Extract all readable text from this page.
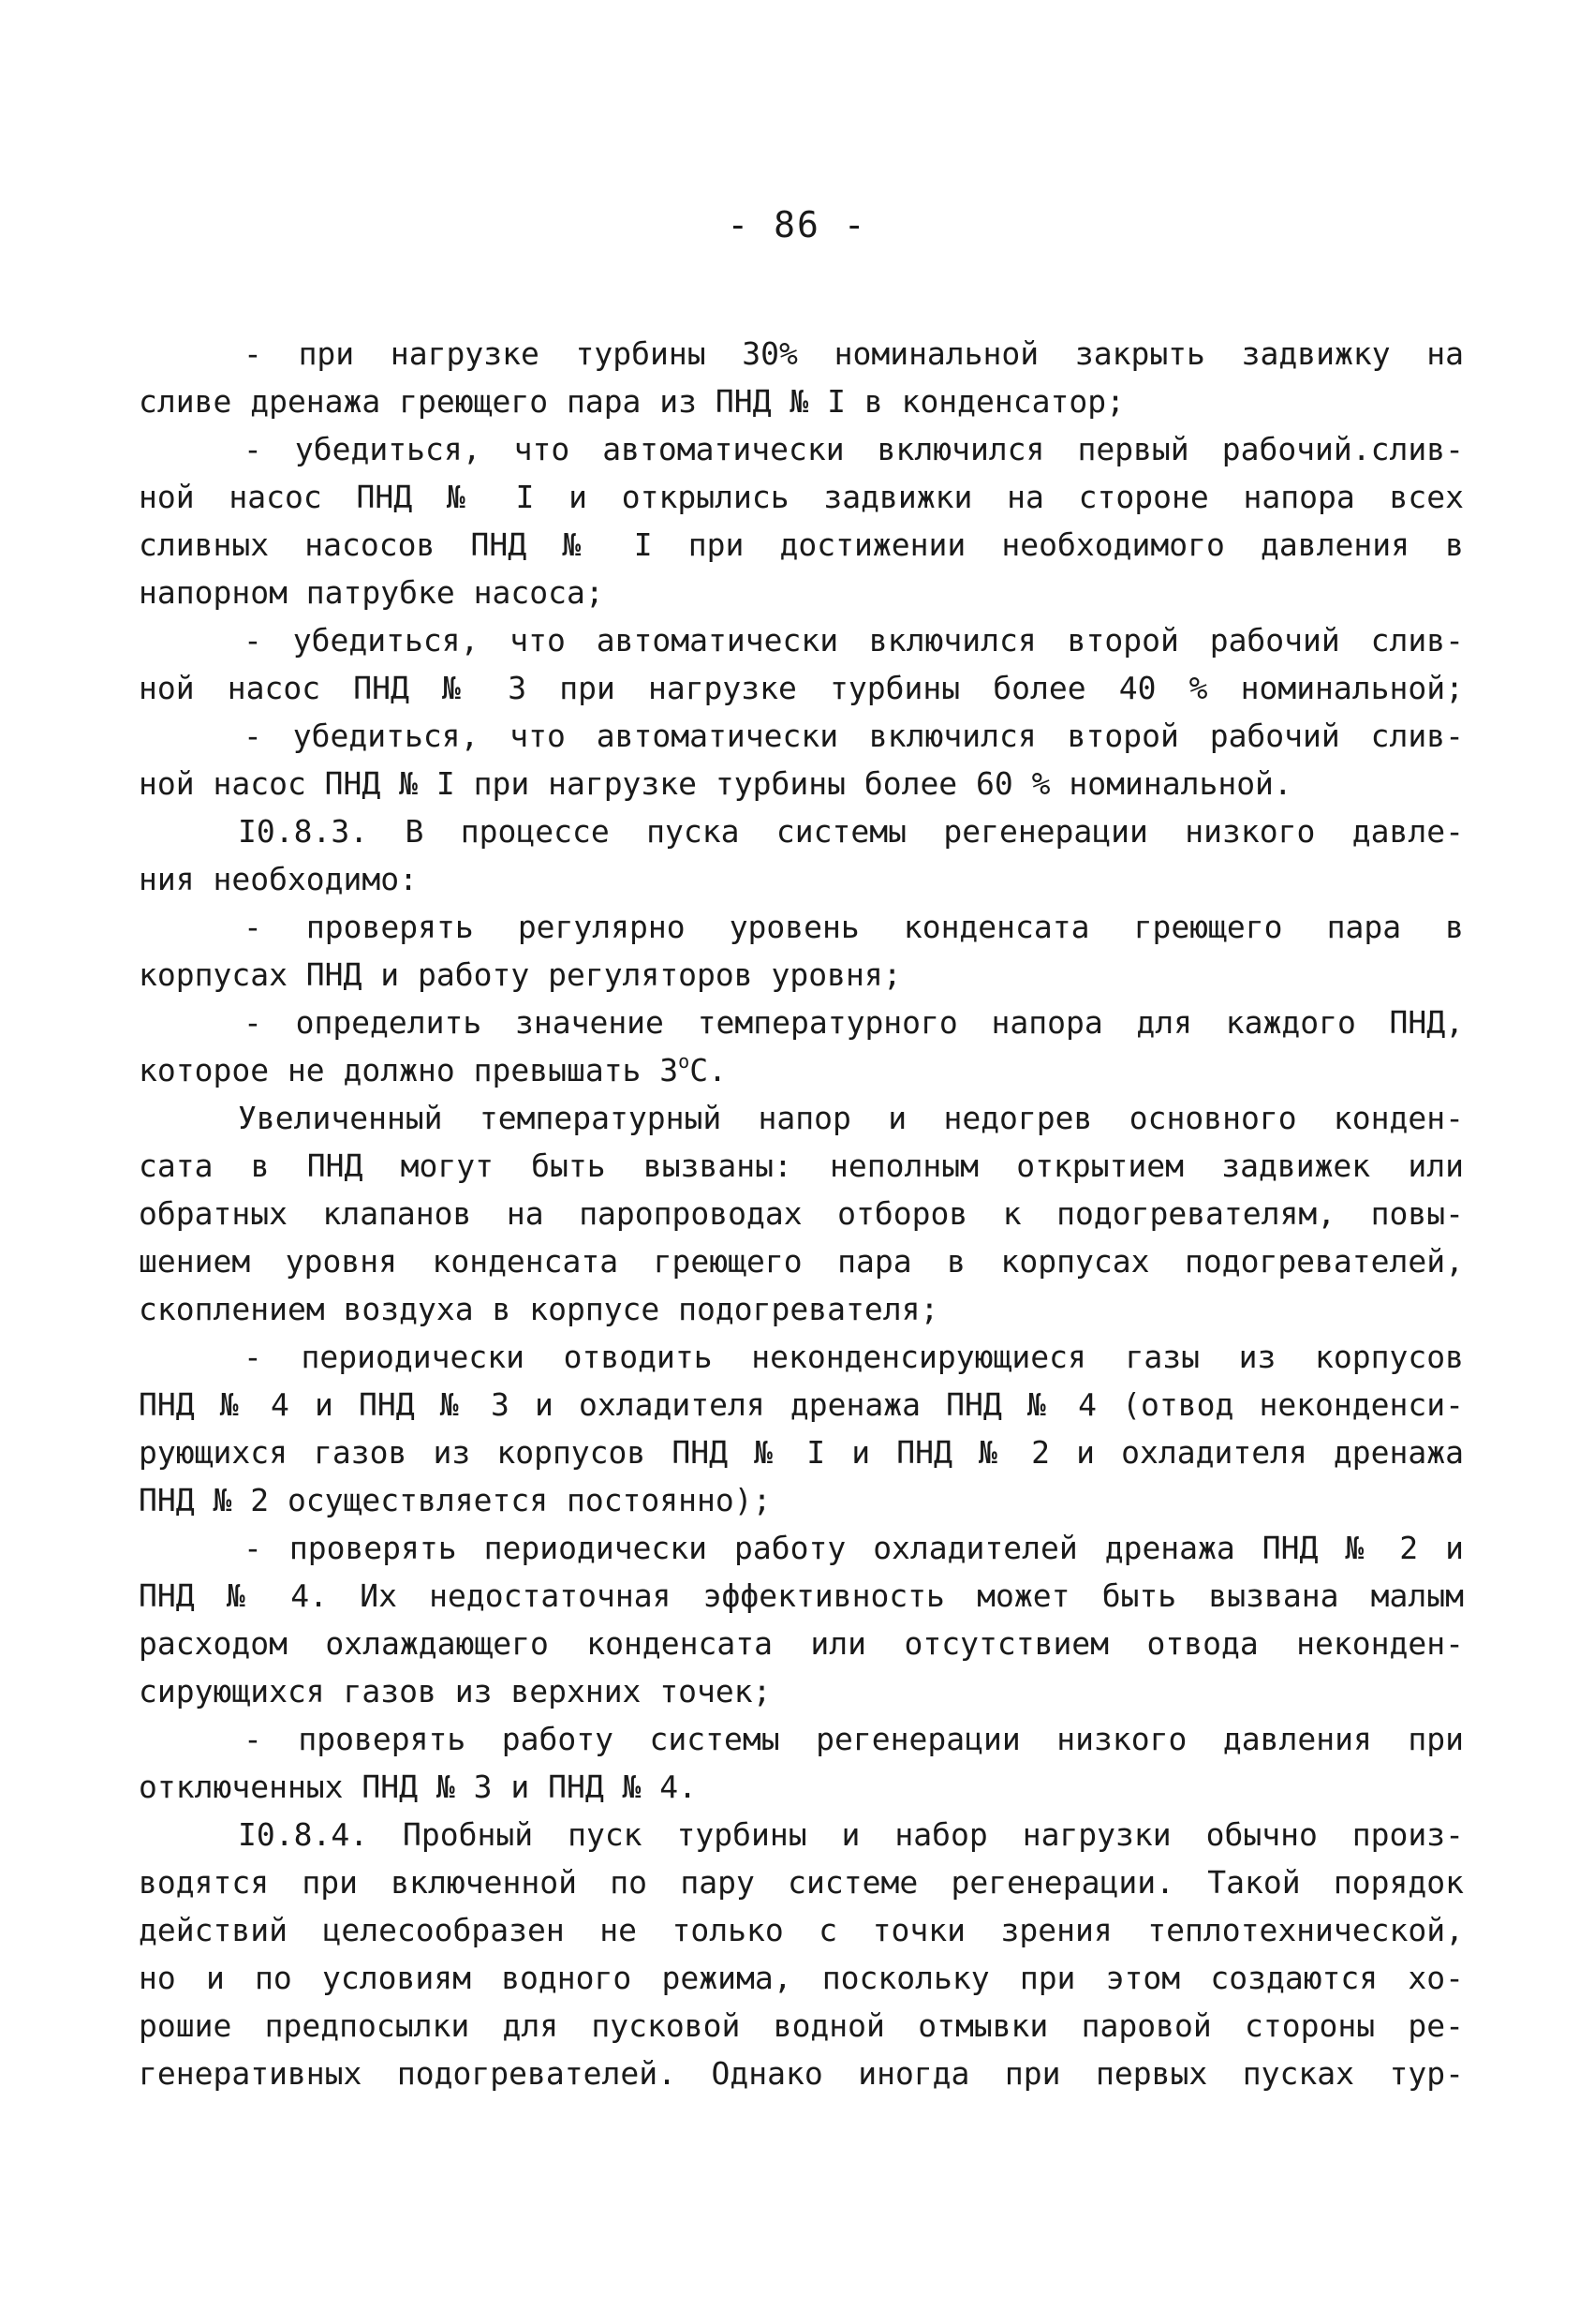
- 86 -
- при нагрузке турбины 30% номинальной закрыть задвижку на
сливе дренажа греющего пара из ПНД № I в конденсатор;
- убедиться, что автоматически включился первый рабочий.слив-
ной насос ПНД № I и открылись задвижки на стороне напора всех
сливных насосов ПНД № I при достижении необходимого давления в
напорном патрубке насоса;
- убедиться, что автоматически включился второй рабочий слив-
ной насос ПНД № 3 при нагрузке турбины более 40 % номинальной;
- убедиться, что автоматически включился второй рабочий слив-
ной насос ПНД № I при нагрузке турбины более 60 % номинальной.
I0.8.3. В процессе пуска системы регенерации низкого давле-
ния необходимо:
- проверять регулярно уровень конденсата греющего пара в
корпусах ПНД и работу регуляторов уровня;
- определить значение температурного напора для каждого ПНД,
которое не должно превышать $3^оС$.
Увеличенный температурный напор и недогрев основного конден-
сата в ПНД могут быть вызваны: неполным открытием задвижек или
обратных клапанов на паропроводах отборов к подогревателям, повы-
шением уровня конденсата греющего пара в корпусах подогревателей,
скоплением воздуха в корпусе подогревателя;
- периодически отводить неконденсирующиеся газы из корпусов
ПНД № 4 и ПНД № 3 и охладителя дренажа ПНД № 4 (отвод неконденси-
рующихся газов из корпусов ПНД № I и ПНД № 2 и охладителя дренажа
ПНД № 2 осуществляется постоянно);
- проверять периодически работу охладителей дренажа ПНД № 2 и
ПНД № 4. Их недостаточная эффективность может быть вызвана малым
расходом охлаждающего конденсата или отсутствием отвода неконден-
сирующихся газов из верхних точек;
- проверять работу системы регенерации низкого давления при
отключенных ПНД № 3 и ПНД № 4.
I0.8.4. Пробный пуск турбины и набор нагрузки обычно произ-
водятся при включенной по пару системе регенерации. Такой порядок
действий целесообразен не только с точки зрения теплотехнической,
но и по условиям водного режима, поскольку при этом создаются хо-
рошие предпосылки для пусковой водной отмывки паровой стороны ре-
генеративных подогревателей. Однако иногда при первых пусках тур-
